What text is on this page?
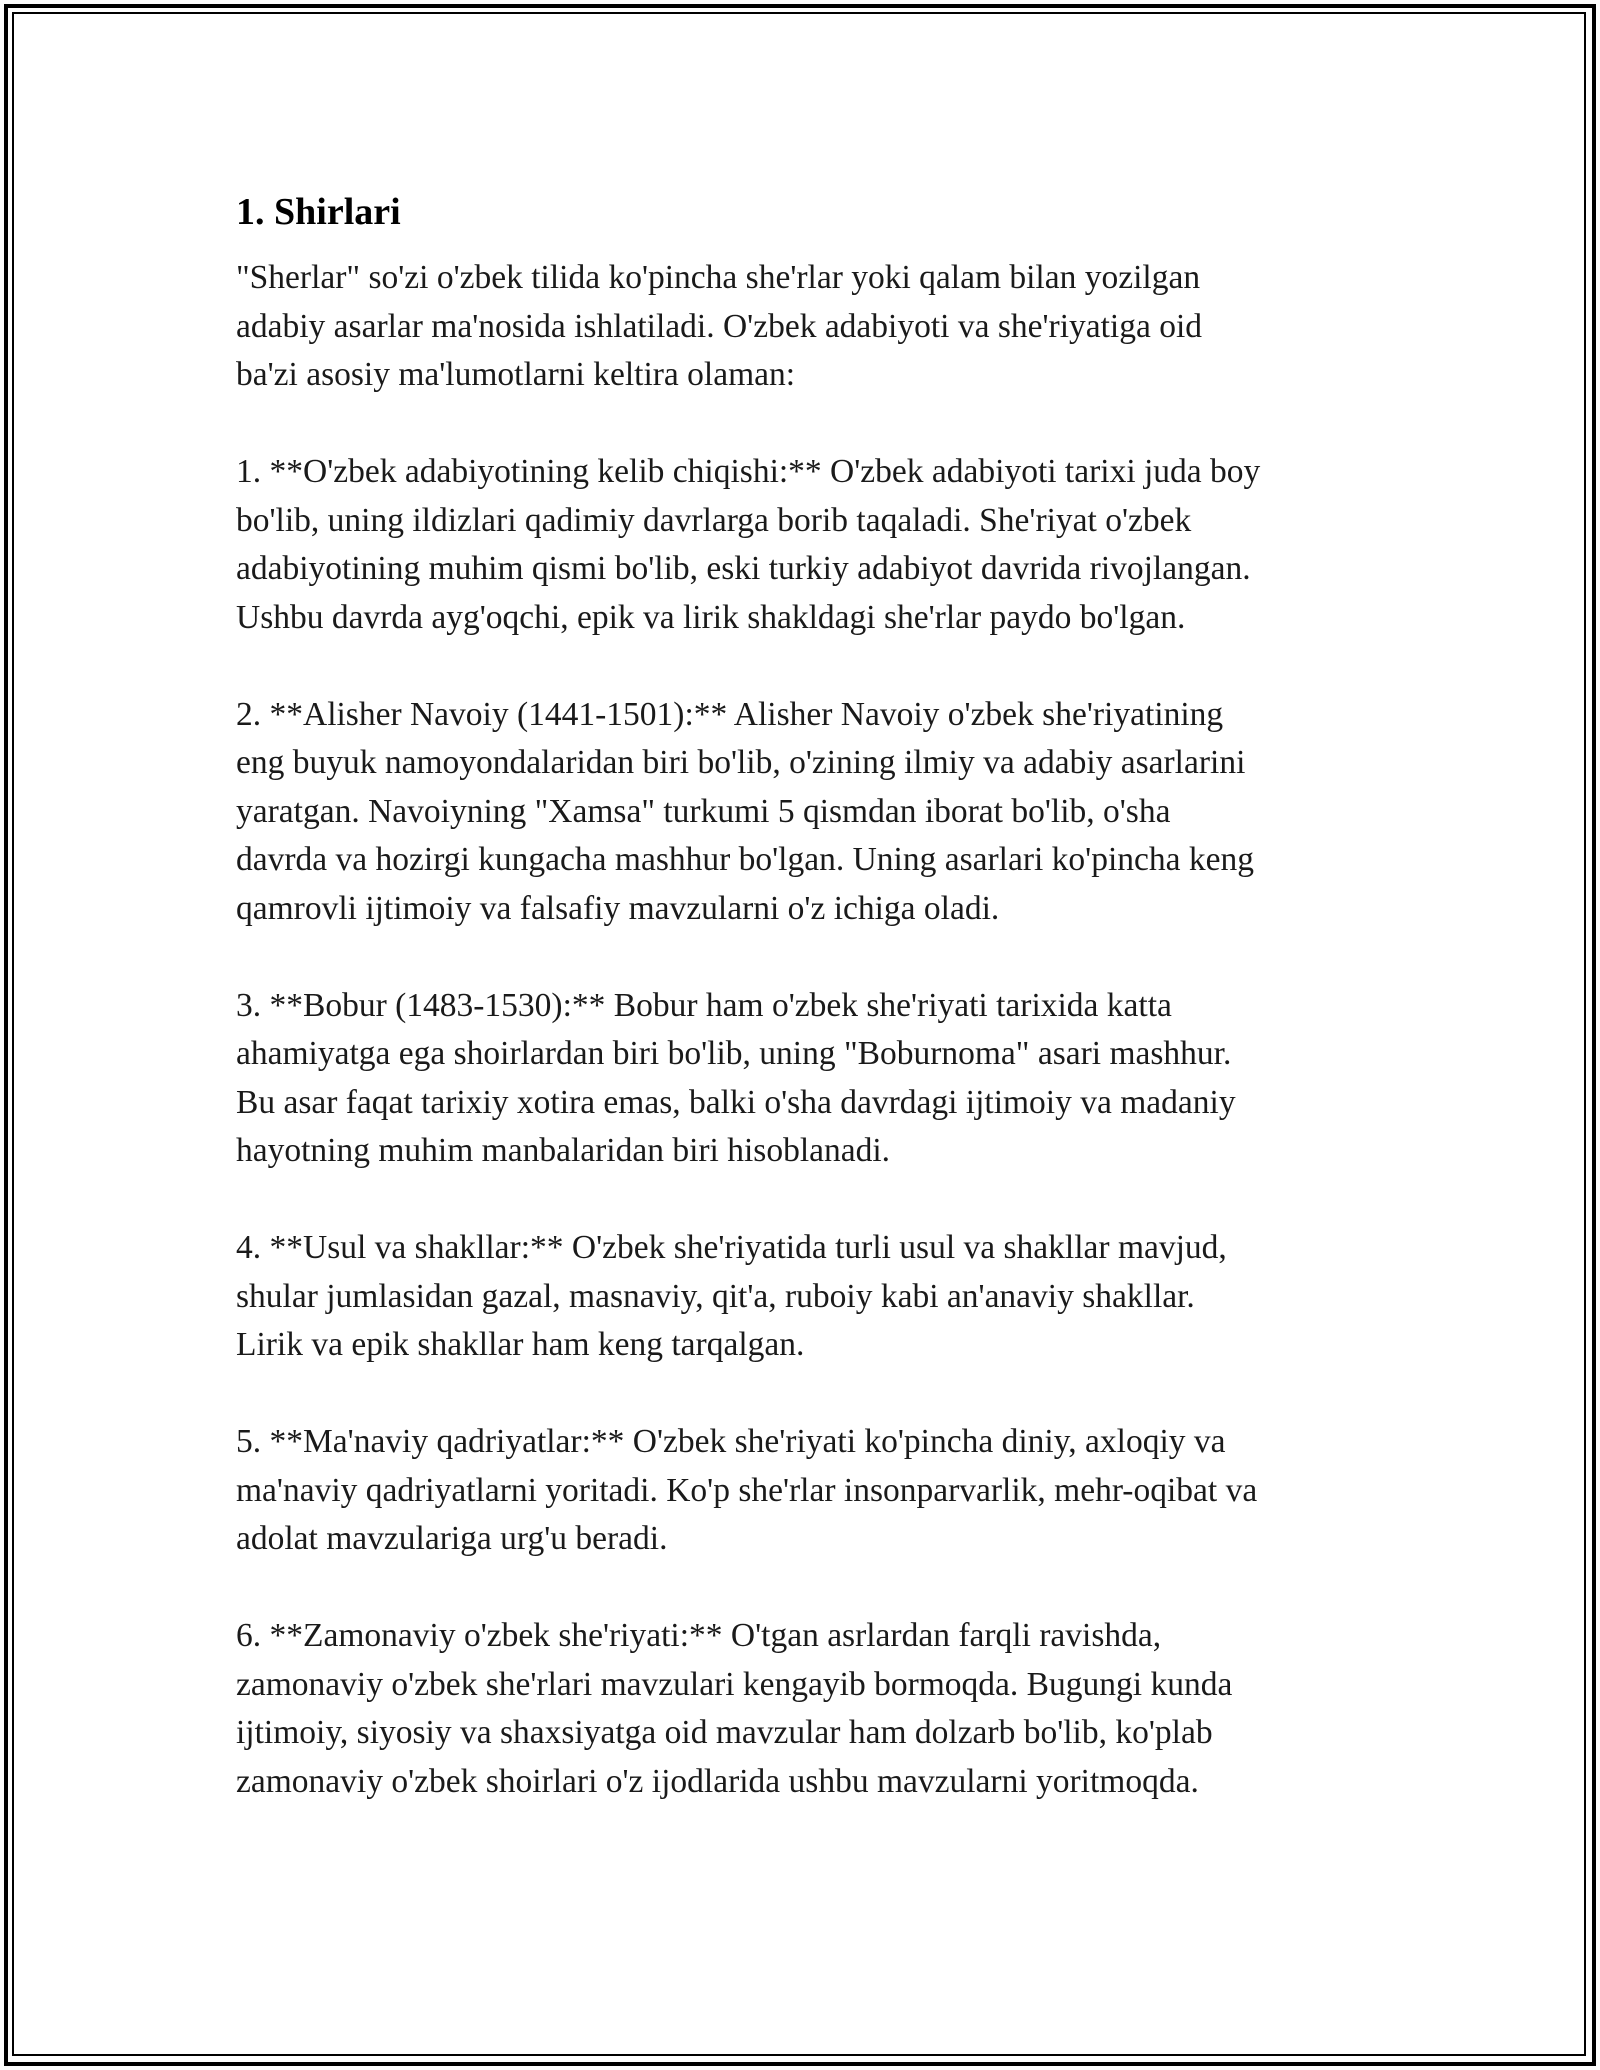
1. Shirlari

"Sherlar" so'zi o'zbek tilida ko'pincha she'rlar yoki qalam bilan yozilgan
adabiy asarlar ma'nosida ishlatiladi. O'zbek adabiyoti va she'riyatiga oid
ba'zi asosiy ma'lumotlarni keltira olaman:

1. **O'zbek adabiyotining kelib chiqishi:** O'zbek adabiyoti tarixi juda boy
bo'lib, uning ildizlari qadimiy davrlarga borib taqaladi. She'riyat o'zbek
adabiyotining muhim qismi bo'lib, eski turkiy adabiyot davrida rivojlangan.
Ushbu davrda ayg'oqchi, epik va lirik shakldagi she'rlar paydo bo'lgan.

2. **Alisher Navoiy (1441-1501):** Alisher Navoiy o'zbek she'riyatining
eng buyuk namoyondalaridan biri bo'lib, o'zining ilmiy va adabiy asarlarini
yaratgan. Navoiyning "Xamsa" turkumi 5 qismdan iborat bo'lib, o'sha
davrda va hozirgi kungacha mashhur bo'lgan. Uning asarlari ko'pincha keng
qamrovli ijtimoiy va falsafiy mavzularni o'z ichiga oladi.

3. **Bobur (1483-1530):** Bobur ham o'zbek she'riyati tarixida katta
ahamiyatga ega shoirlardan biri bo'lib, uning "Boburnoma" asari mashhur.
Bu asar faqat tarixiy xotira emas, balki o'sha davrdagi ijtimoiy va madaniy
hayotning muhim manbalaridan biri hisoblanadi.

4. **Usul va shakllar:** O'zbek she'riyatida turli usul va shakllar mavjud,
shular jumlasidan gazal, masnaviy, qit'a, ruboiy kabi an'anaviy shakllar.
Lirik va epik shakllar ham keng tarqalgan.

5. **Ma'naviy qadriyatlar:** O'zbek she'riyati ko'pincha diniy, axloqiy va
ma'naviy qadriyatlarni yoritadi. Ko'p she'rlar insonparvarlik, mehr-oqibat va
adolat mavzulariga urg'u beradi.

6. **Zamonaviy o'zbek she'riyati:** O'tgan asrlardan farqli ravishda,
zamonaviy o'zbek she'rlari mavzulari kengayib bormoqda. Bugungi kunda
ijtimoiy, siyosiy va shaxsiyatga oid mavzular ham dolzarb bo'lib, ko'plab
zamonaviy o'zbek shoirlari o'z ijodlarida ushbu mavzularni yoritmoqda.
